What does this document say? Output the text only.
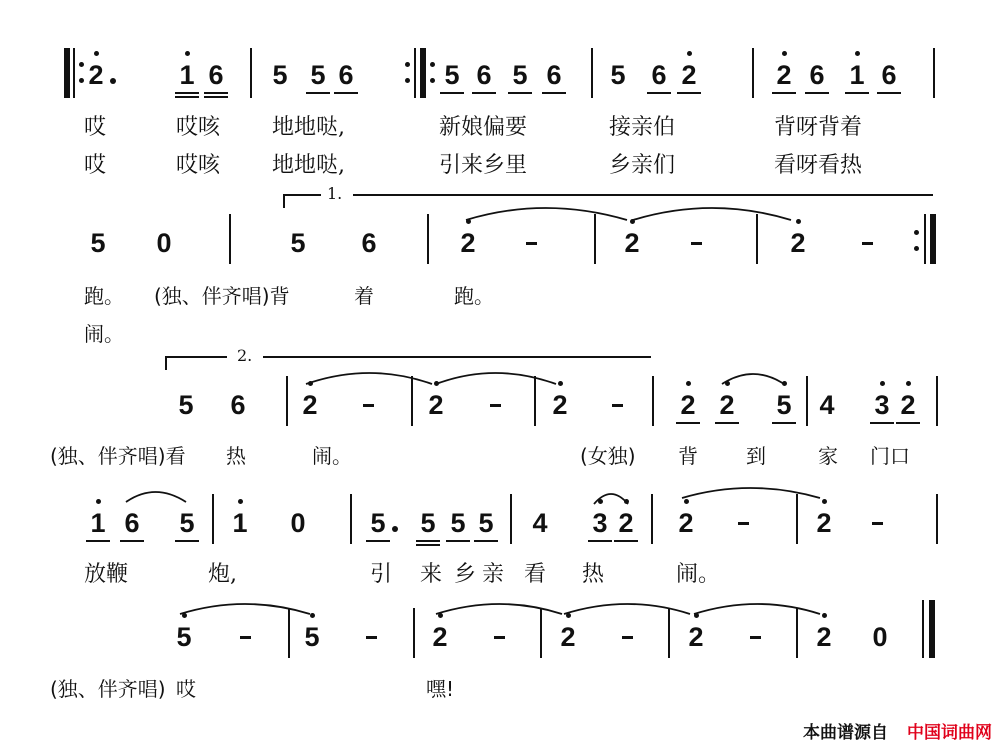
2	1 6 5 5 6	5 6 5 6 5 6 2	2 6 1 6
哎	哎咳 地地哒,	新娘偏要	接亲伯	背呀背着
哎	哎咳 地地哒,	引来乡里	乡亲们	看呀看热
1.
5 0	5 6	2	2	2
跑。 (独、伴齐唱)背	着	跑。
闹。
2.
5 6 2	2	2	2 2 5 4 3 2
(独、伴齐唱)看 热	闹。	(女独) 背 到	家 门口
1 6 5 1 0 5 5 5 5 4 3 2 2	2
放鞭	炮,	引 来 乡 亲 看 热	闹。
5	5	2	2	2	2 0
(独、伴齐唱) 哎	嘿!
本曲谱源自 中国词曲网
